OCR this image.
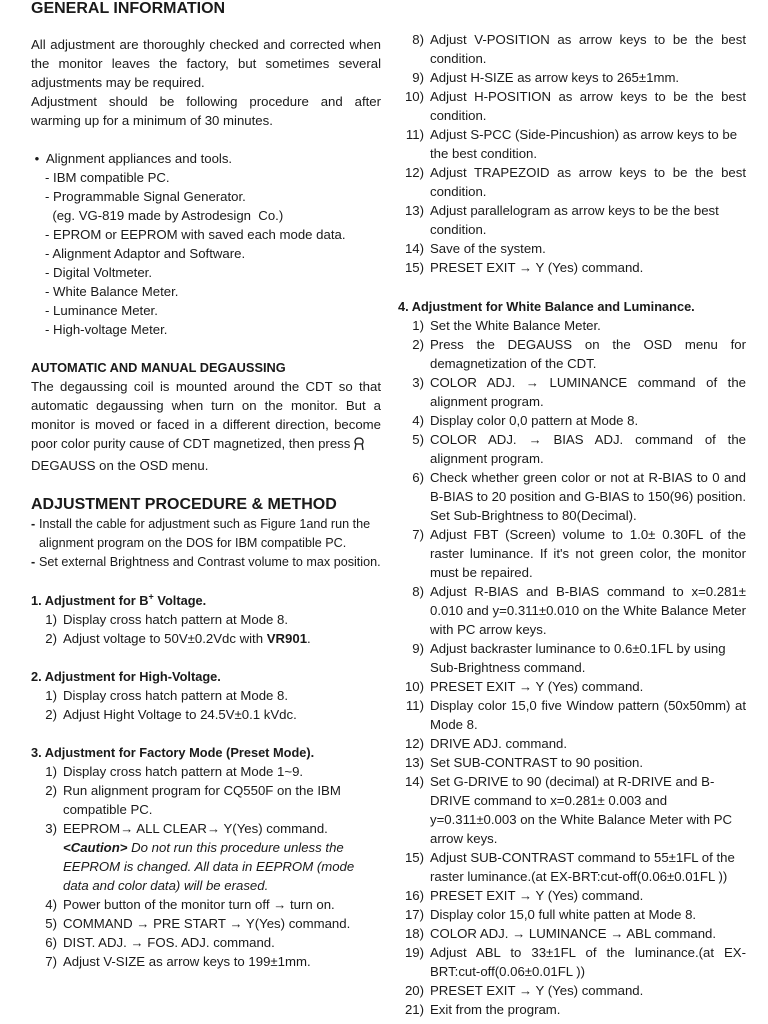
GENERAL INFORMATION

All adjustment are thoroughly checked and corrected when the monitor leaves the factory, but sometimes several adjustments may be required.

Adjustment should be following procedure and after warming up for a minimum of 30 minutes.

•  Alignment appliances and tools.
- IBM compatible PC.
- Programmable Signal Generator.
(eg. VG-819 made by Astrodesign  Co.)
- EPROM or EEPROM with saved each mode data.
- Alignment Adaptor and Software.
- Digital Voltmeter.
- White Balance Meter.
- Luminance Meter.
- High-voltage Meter.
AUTOMATIC AND MANUAL DEGAUSSING

The degaussing coil is mounted around the CDT so that automatic degaussing when turn on the monitor. But a monitor is moved or faced in a different direction, become poor color purity cause of CDT magnetized, then press
DEGAUSS on the OSD menu.

ADJUSTMENT PROCEDURE & METHOD
- Install the cable for adjustment such as Figure 1and run the alignment program on the DOS for IBM compatible PC.
- Set external Brightness and Contrast volume to max position.
1. Adjustment for B+ Voltage.
1) Display cross hatch pattern at Mode 8.
2) Adjust voltage to 50V±0.2Vdc with VR901.
2. Adjustment for High-Voltage.
1) Display cross hatch pattern at Mode 8.
2) Adjust Hight Voltage to 24.5V±0.1 kVdc.
3. Adjustment for Factory Mode (Preset Mode).
1) Display cross hatch pattern at Mode 1~9.
2) Run alignment program for CQ550F on the IBM compatible PC.
3) EEPROM→ ALL CLEAR→ Y(Yes) command.
<Caution> Do not run this procedure unless the EEPROM is changed. All data in EEPROM (mode data and color data) will be erased.
4) Power button of the monitor turn off → turn on.
5) COMMAND → PRE START → Y(Yes) command.
6) DIST. ADJ. → FOS. ADJ. command.
7) Adjust V-SIZE as arrow keys to 199±1mm.
8) Adjust V-POSITION as arrow keys to be the best condition.
9) Adjust H-SIZE as arrow keys to 265±1mm.
10) Adjust H-POSITION as arrow keys to be the best condition.
11) Adjust S-PCC (Side-Pincushion) as arrow keys to be the best condition.
12) Adjust TRAPEZOID as arrow keys to be the best condition.
13) Adjust parallelogram as arrow keys to be the best condition.
14) Save of the system.
15) PRESET EXIT → Y (Yes) command.
4. Adjustment for White Balance and Luminance.
1) Set the White Balance Meter.
2) Press the DEGAUSS on the OSD menu for demagnetization of the CDT.
3) COLOR ADJ. → LUMINANCE command of the alignment program.
4) Display color 0,0 pattern at Mode 8.
5) COLOR ADJ. → BIAS ADJ. command of the alignment program.
6) Check whether green color or not at R-BIAS to 0 and B-BIAS to 20 position and G-BIAS to 150(96) position. Set Sub-Brightness to 80(Decimal).
7) Adjust FBT (Screen) volume to 1.0± 0.30FL of the raster luminance. If it's not green color, the monitor must be repaired.
8) Adjust R-BIAS and B-BIAS command to x=0.281± 0.010 and y=0.311±0.010 on the White Balance Meter with PC arrow keys.
9) Adjust backraster luminance to 0.6±0.1FL by using Sub-Brightness command.
10) PRESET EXIT → Y (Yes) command.
11) Display color 15,0 five Window pattern (50x50mm) at Mode 8.
12) DRIVE ADJ. command.
13) Set SUB-CONTRAST to 90 position.
14) Set G-DRIVE to 90 (decimal) at R-DRIVE and B-DRIVE command to x=0.281± 0.003 and y=0.311±0.003 on the White Balance Meter with PC arrow keys.
15) Adjust SUB-CONTRAST command to 55±1FL of the raster luminance.(at EX-BRT:cut-off(0.06±0.01FL ))
16) PRESET EXIT → Y (Yes) command.
17) Display color 15,0 full white patten at Mode 8.
18) COLOR ADJ. → LUMINANCE → ABL command.
19) Adjust ABL to 33±1FL of the luminance.(at EX-BRT:cut-off(0.06±0.01FL ))
20) PRESET EXIT → Y (Yes) command.
21) Exit from the program.
